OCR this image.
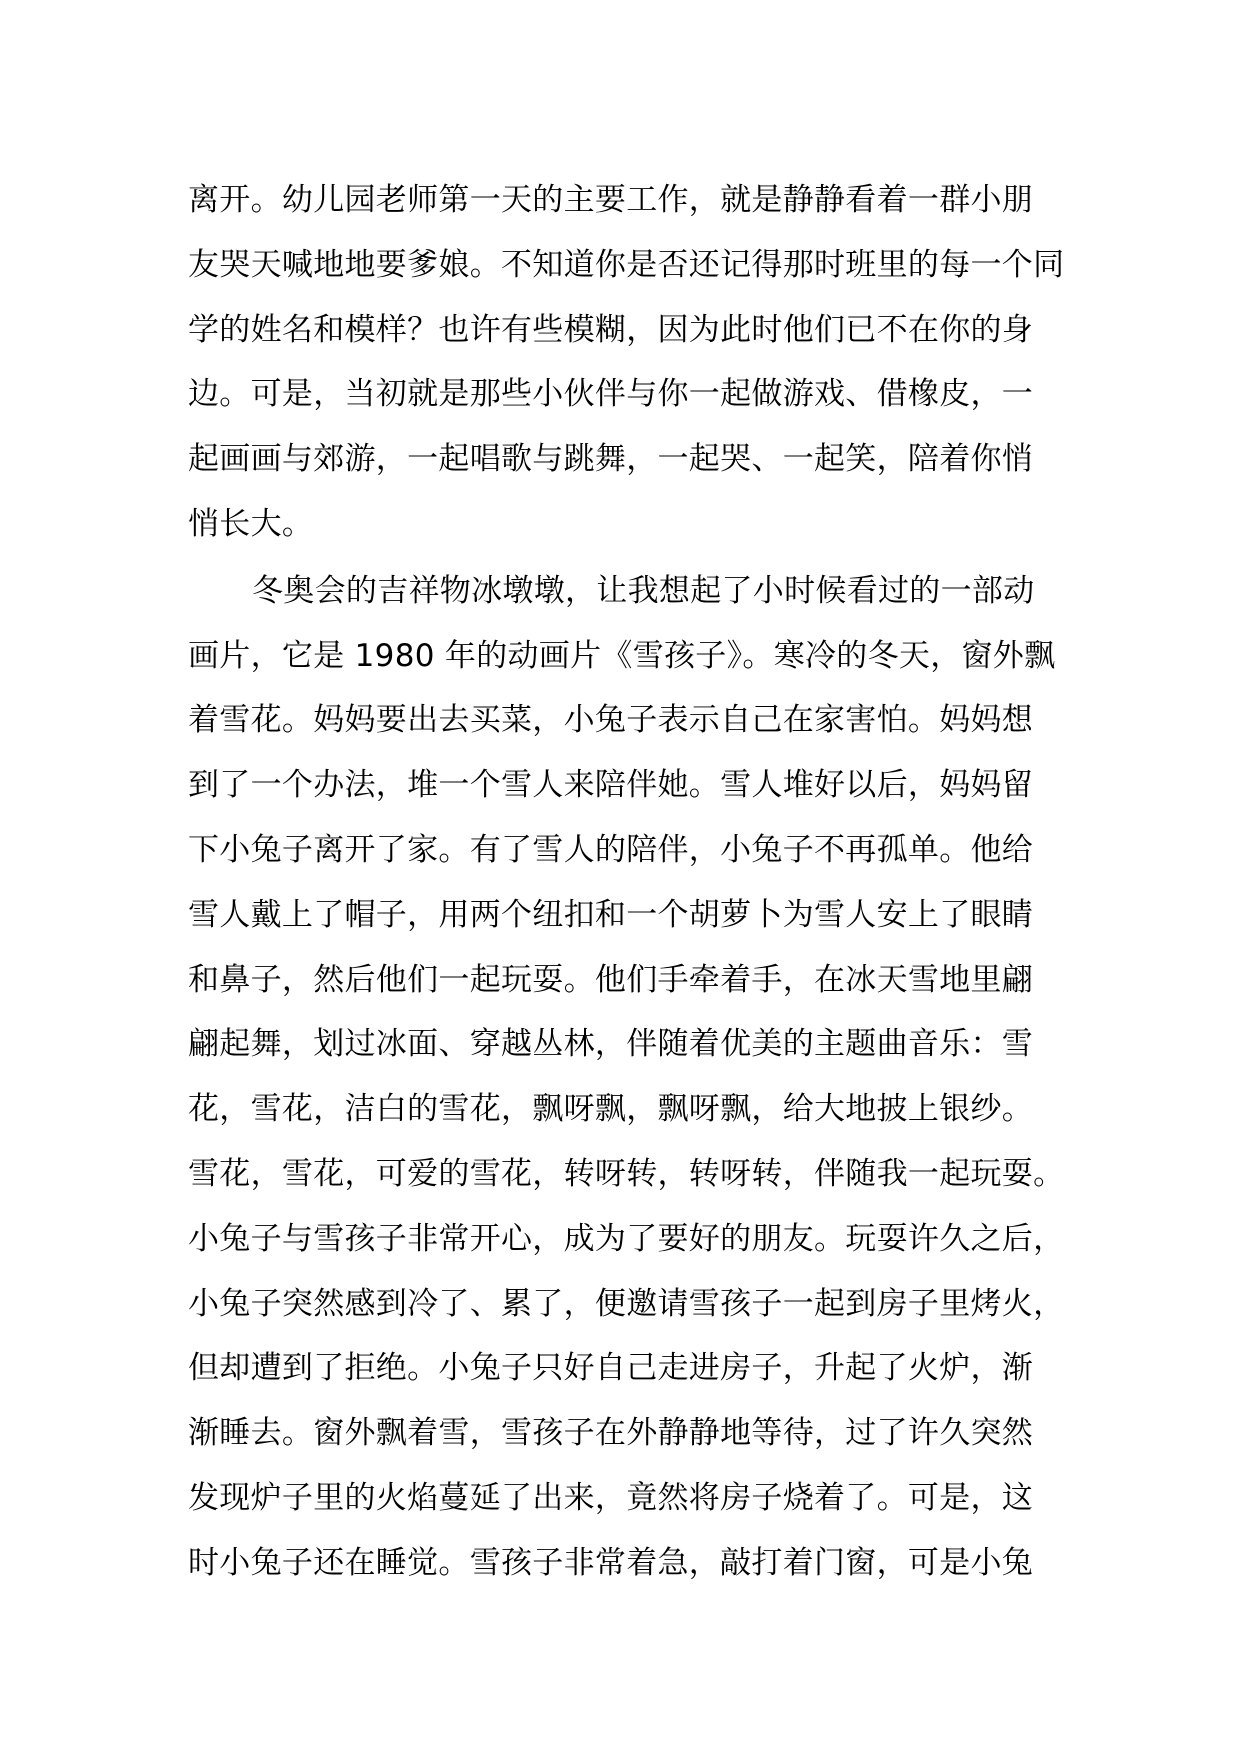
离开。幼儿园老师第一天的主要工作，就是静静看着一群小朋
友哭天喊地地要爹娘。不知道你是否还记得那时班里的每一个同
学的姓名和模样？也许有些模糊，因为此时他们已不在你的身
边。可是，当初就是那些小伙伴与你一起做游戏、借橡皮，一
起画画与郊游，一起唱歌与跳舞，一起哭、一起笑，陪着你悄
悄长大。
冬奥会的吉祥物冰墩墩，让我想起了小时候看过的一部动
画片，它是 1980 年的动画片《雪孩子》。寒冷的冬天，窗外飘
着雪花。妈妈要出去买菜，小兔子表示自己在家害怕。妈妈想
到了一个办法，堆一个雪人来陪伴她。雪人堆好以后，妈妈留
下小兔子离开了家。有了雪人的陪伴，小兔子不再孤单。他给
雪人戴上了帽子，用两个纽扣和一个胡萝卜为雪人安上了眼睛
和鼻子，然后他们一起玩耍。他们手牵着手，在冰天雪地里翩
翩起舞，划过冰面、穿越丛林，伴随着优美的主题曲音乐：雪
花，雪花，洁白的雪花，飘呀飘，飘呀飘，给大地披上银纱。
雪花，雪花，可爱的雪花，转呀转，转呀转，伴随我一起玩耍。
小兔子与雪孩子非常开心，成为了要好的朋友。玩耍许久之后，
小兔子突然感到冷了、累了，便邀请雪孩子一起到房子里烤火，
但却遭到了拒绝。小兔子只好自己走进房子，升起了火炉，渐
渐睡去。窗外飘着雪，雪孩子在外静静地等待，过了许久突然
发现炉子里的火焰蔓延了出来，竟然将房子烧着了。可是，这
时小兔子还在睡觉。雪孩子非常着急，敲打着门窗，可是小兔
